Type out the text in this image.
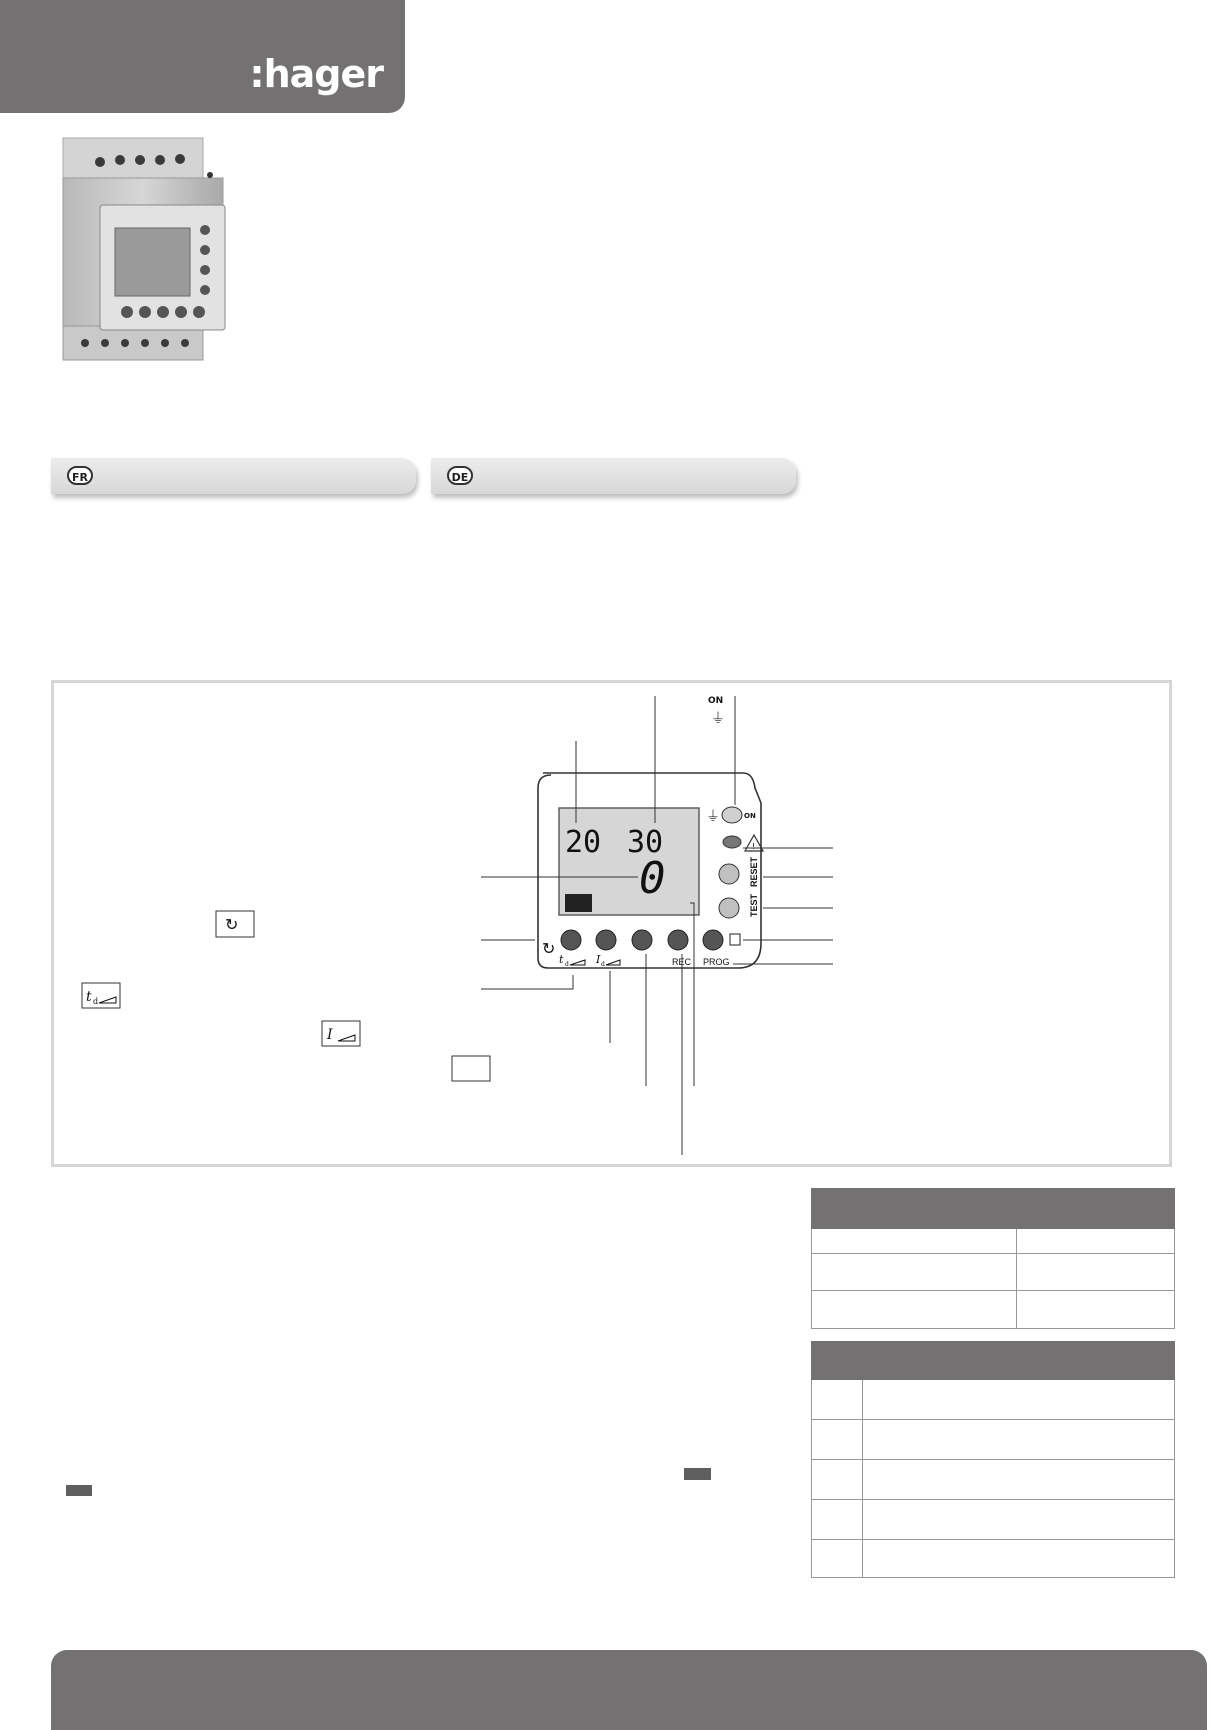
:hager
FR	DE
20 30
0
ON
⏚
!
RESET
TEST
↻
t d I d	REC PROG
ON
⏚
↻
t d
I
